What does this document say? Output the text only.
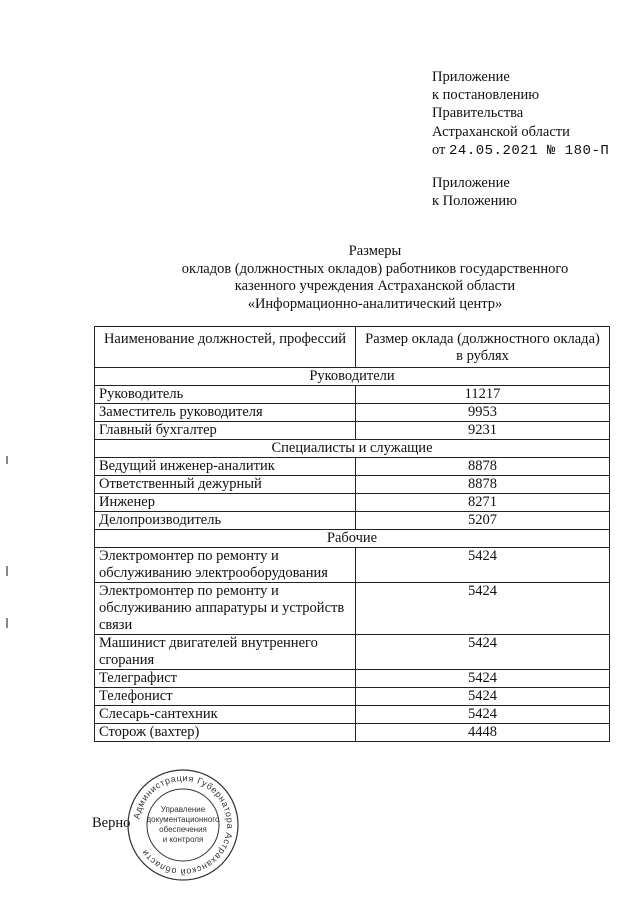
Приложение
к постановлению
Правительства
Астраханской области
от 24.05.2021 № 180-П
Приложение
к Положению
Размеры
окладов (должностных окладов) работников государственного
казенного учреждения Астраханской области
«Информационно-аналитический центр»
Наименование должностей, профессий	Размер оклада (должностного оклада) в рублях
Руководители	
Руководитель	11217
Заместитель руководителя	9953
Главный бухгалтер	9231
Специалисты и служащие	
Ведущий инженер-аналитик	8878
Ответственный дежурный	8878
Инженер	8271
Делопроизводитель	5207
Рабочие	
Электромонтер по ремонту и обслуживанию электрооборудования	5424
Электромонтер по ремонту и обслуживанию аппаратуры и устройств связи	5424
Машинист двигателей внутреннего сгорания	5424
Телеграфист	5424
Телефонист	5424
Слесарь-сантехник	5424
Сторож (вахтер)	4448
Верно Администрация Губернатора Астраханской области
Управление
документационного
обеспечения
и контроля
